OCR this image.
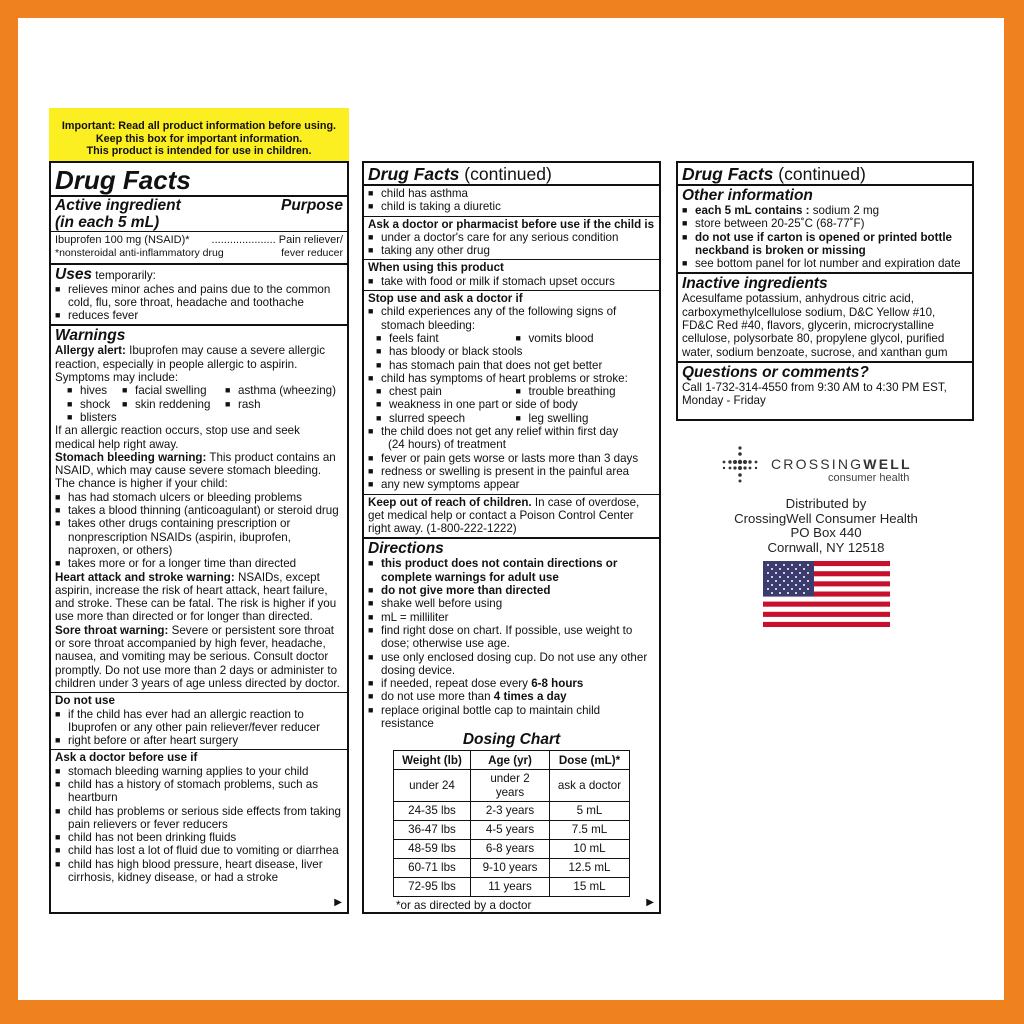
Important: Read all product information before using.
Keep this box for important information.
This product is intended for use in children.
Drug Facts
Active ingredient	Purpose
(in each 5 mL)
Ibuprofen 100 mg (NSAID)* ..................... Pain reliever/
*nonsteroidal anti-inflammatory drug	fever reducer
Uses temporarily:
■ relieves minor aches and pains due to the common cold, flu, sore throat, headache and toothache
■ reduces fever
Warnings
Allergy alert: Ibuprofen may cause a severe allergic reaction, especially in people allergic to aspirin. Symptoms may include:
■ hives ■ facial swelling	■ asthma (wheezing)
■ shock ■ skin reddening ■ rash
■ blisters
If an allergic reaction occurs, stop use and seek medical help right away.
Stomach bleeding warning: This product contains an NSAID, which may cause severe stomach bleeding. The chance is higher if your child:
■ has had stomach ulcers or bleeding problems
■ takes a blood thinning (anticoagulant) or steroid drug
■ takes other drugs containing prescription or nonprescription NSAIDs (aspirin, ibuprofen, naproxen, or others)
■ takes more or for a longer time than directed
Heart attack and stroke warning: NSAIDs, except aspirin, increase the risk of heart attack, heart failure, and stroke. These can be fatal. The risk is higher if you use more than directed or for longer than directed.
Sore throat warning: Severe or persistent sore throat or sore throat accompanied by high fever, headache, nausea, and vomiting may be serious. Consult doctor promptly. Do not use more than 2 days or administer to children under 3 years of age unless directed by doctor.
Do not use
■ if the child has ever had an allergic reaction to Ibuprofen or any other pain reliever/fever reducer
■ right before or after heart surgery
Ask a doctor before use if
■ stomach bleeding warning applies to your child
■ child has a history of stomach problems, such as heartburn
■ child has problems or serious side effects from taking pain relievers or fever reducers
■ child has not been drinking fluids
■ child has lost a lot of fluid due to vomiting or diarrhea
■ child has high blood pressure, heart disease, liver cirrhosis, kidney disease, or had a stroke
▶
Drug Facts (continued)
■ child has asthma
■ child is taking a diuretic
Ask a doctor or pharmacist before use if the child is
■ under a doctor's care for any serious condition
■ taking any other drug
When using this product
■ take with food or milk if stomach upset occurs
Stop use and ask a doctor if
■ child experiences any of the following signs of stomach bleeding:
■ feels faint	■ vomits blood
■ has bloody or black stools
■ has stomach pain that does not get better
■ child has symptoms of heart problems or stroke:
■ chest pain	■ trouble breathing
■ weakness in one part or side of body
■ slurred speech	■ leg swelling
■ the child does not get any relief within first day
(24 hours) of treatment
■ fever or pain gets worse or lasts more than 3 days
■ redness or swelling is present in the painful area
■ any new symptoms appear
Keep out of reach of children. In case of overdose, get medical help or contact a Poison Control Center right away. (1-800-222-1222)
Directions
■ this product does not contain directions or complete warnings for adult use
■ do not give more than directed
■ shake well before using
■ mL = milliliter
■ find right dose on chart. If possible, use weight to dose; otherwise use age.
■ use only enclosed dosing cup. Do not use any other dosing device.
■ if needed, repeat dose every 6-8 hours
■ do not use more than 4 times a day
■ replace original bottle cap to maintain child resistance
Dosing Chart
Weight (lb)	Age (yr)	Dose (mL)*
under 24	under 2 years	ask a doctor
24-35 lbs	2-3 years	5 mL
36-47 lbs	4-5 years	7.5 mL
48-59 lbs	6-8 years	10 mL
60-71 lbs	9-10 years	12.5 mL
72-95 lbs	11 years	15 mL
*or as directed by a doctor	▶
Drug Facts (continued)
Other information
■ each 5 mL contains : sodium 2 mg
■ store between 20-25˚C (68-77˚F)
■ do not use if carton is opened or printed bottle neckband is broken or missing
■ see bottom panel for lot number and expiration date
Inactive ingredients
Acesulfame potassium, anhydrous citric acid, carboxymethylcellulose sodium, D&C Yellow #10, FD&C Red #40, flavors, glycerin, microcrystalline cellulose, polysorbate 80, propylene glycol, purified water, sodium benzoate, sucrose, and xanthan gum
Questions or comments?
Call 1-732-314-4550 from 9:30 AM to 4:30 PM EST, Monday - Friday
CROSSINGWELL
consumer health
Distributed by
CrossingWell Consumer Health
PO Box 440
Cornwall, NY 12518
